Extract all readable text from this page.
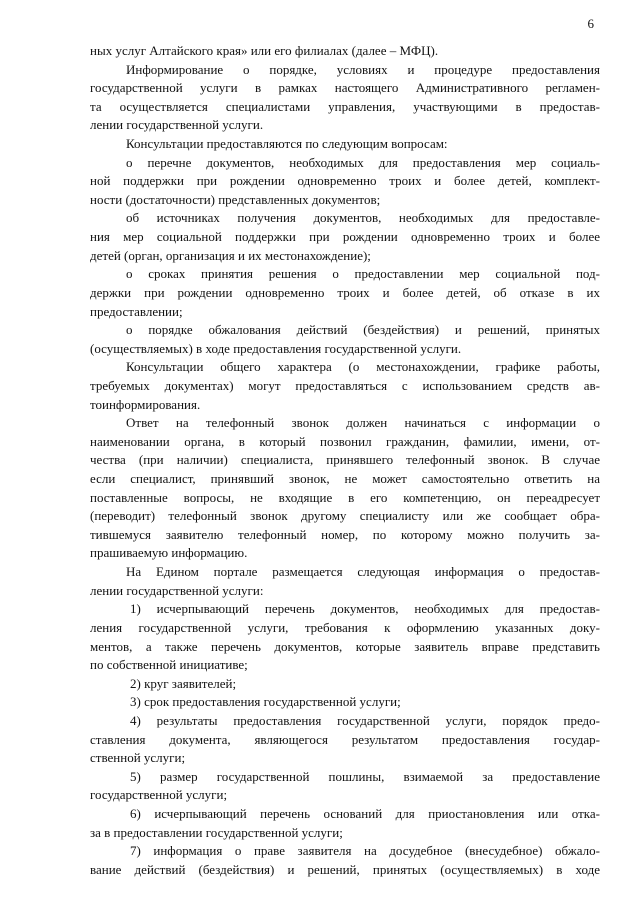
6
ных услуг Алтайского края» или его филиалах (далее – МФЦ).
Информирование о порядке, условиях и процедуре предоставления
государственной услуги в рамках настоящего Административного регламен-
та осуществляется специалистами управления, участвующими в предостав-
лении государственной услуги.
Консультации предоставляются по следующим вопросам:
о перечне документов, необходимых для предоставления мер социаль-
ной поддержки при рождении одновременно троих и более детей, комплект-
ности (достаточности) представленных документов;
об источниках получения документов, необходимых для предоставле-
ния мер социальной поддержки при рождении одновременно троих и более
детей (орган, организация и их местонахождение);
о сроках принятия решения о предоставлении мер социальной под-
держки при рождении одновременно троих и более детей, об отказе в их
предоставлении;
о порядке обжалования действий (бездействия) и решений, принятых
(осуществляемых) в ходе предоставления государственной услуги.
Консультации общего характера (о местонахождении, графике работы,
требуемых документах) могут предоставляться с использованием средств ав-
тоинформирования.
Ответ на телефонный звонок должен начинаться с информации о
наименовании органа, в который позвонил гражданин, фамилии, имени, от-
чества (при наличии) специалиста, принявшего телефонный звонок. В случае
если специалист, принявший звонок, не может самостоятельно ответить на
поставленные вопросы, не входящие в его компетенцию, он переадресует
(переводит) телефонный звонок другому специалисту или же сообщает обра-
тившемуся заявителю телефонный номер, по которому можно получить за-
прашиваемую информацию.
На Едином портале размещается следующая информация о предостав-
лении государственной услуги:
1) исчерпывающий перечень документов, необходимых для предостав-
ления государственной услуги, требования к оформлению указанных доку-
ментов, а также перечень документов, которые заявитель вправе представить
по собственной инициативе;
2) круг заявителей;
3) срок предоставления государственной услуги;
4) результаты предоставления государственной услуги, порядок предо-
ставления документа, являющегося результатом предоставления государ-
ственной услуги;
5) размер государственной пошлины, взимаемой за предоставление
государственной услуги;
6) исчерпывающий перечень оснований для приостановления или отка-
за в предоставлении государственной услуги;
7) информация о праве заявителя на досудебное (внесудебное) обжало-
вание действий (бездействия) и решений, принятых (осуществляемых) в ходе
